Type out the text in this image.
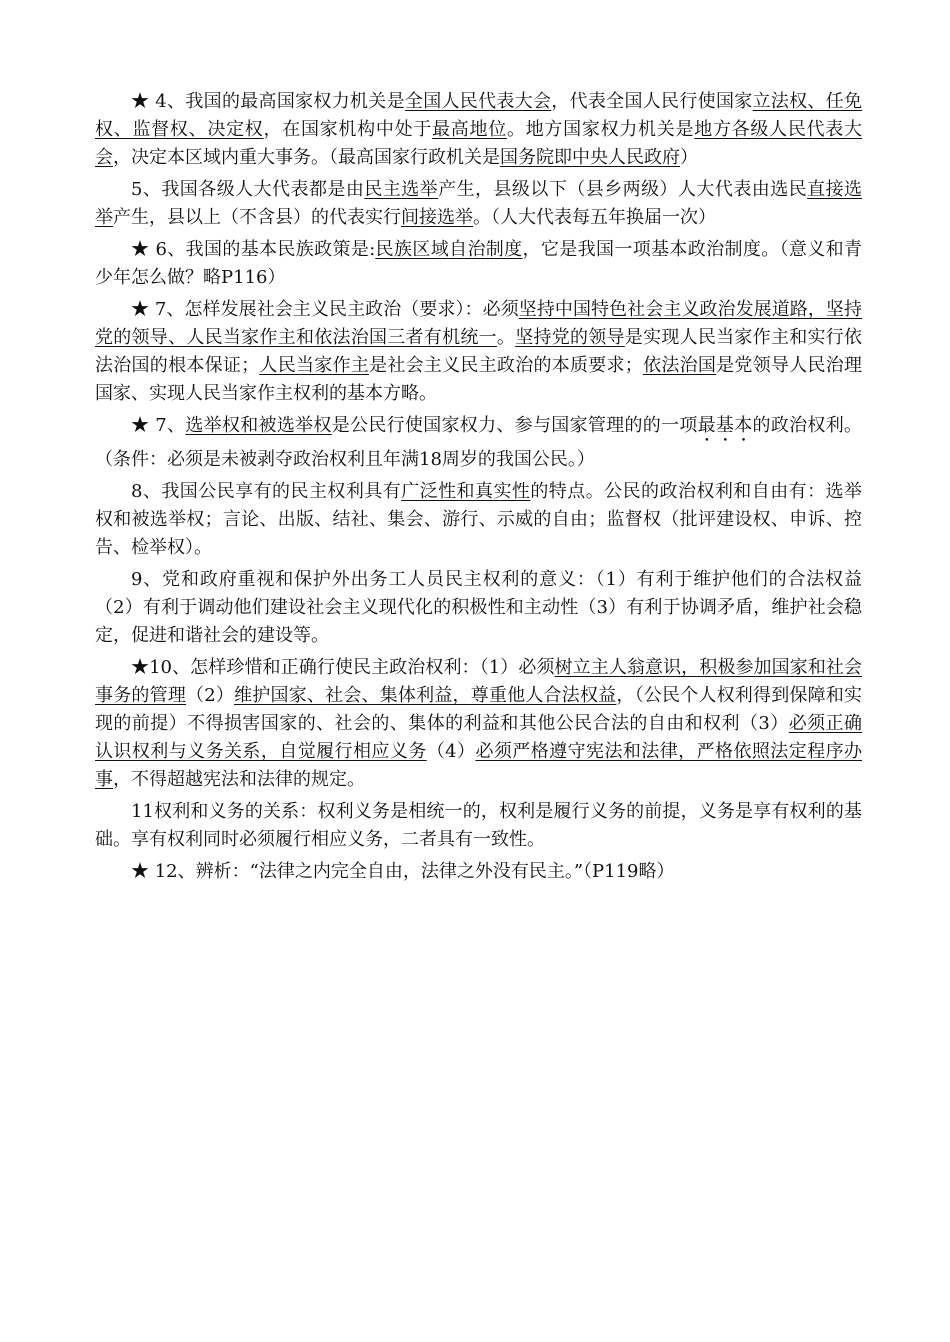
★ 4、我国的最高国家权力机关是全国人民代表大会，代表全国人民行使国家立法权、任免权、监督权、决定权，在国家机构中处于最高地位。地方国家权力机关是地方各级人民代表大会，决定本区域内重大事务。（最高国家行政机关是国务院即中央人民政府）

5、我国各级人大代表都是由民主选举产生，县级以下（县乡两级）人大代表由选民直接选举产生，县以上（不含县）的代表实行间接选举。（人大代表每五年换届一次）

★ 6、我国的基本民族政策是:民族区域自治制度，它是我国一项基本政治制度。（意义和青少年怎么做？略P116）

★ 7、怎样发展社会主义民主政治（要求）：必须坚持中国特色社会主义政治发展道路，坚持党的领导、人民当家作主和依法治国三者有机统一。坚持党的领导是实现人民当家作主和实行依法治国的根本保证；人民当家作主是社会主义民主政治的本质要求；依法治国是党领导人民治理国家、实现人民当家作主权利的基本方略。

★ 7、选举权和被选举权是公民行使国家权力、参与国家管理的的一项最基本的政治权利。（条件：必须是未被剥夺政治权利且年满18周岁的我国公民。）

8、我国公民享有的民主权利具有广泛性和真实性的特点。公民的政治权利和自由有：选举权和被选举权；言论、出版、结社、集会、游行、示威的自由；监督权（批评建设权、申诉、控告、检举权）。

9、党和政府重视和保护外出务工人员民主权利的意义：（1）有利于维护他们的合法权益（2）有利于调动他们建设社会主义现代化的积极性和主动性（3）有利于协调矛盾，维护社会稳定，促进和谐社会的建设等。

★10、怎样珍惜和正确行使民主政治权利：（1）必须树立主人翁意识，积极参加国家和社会事务的管理（2）维护国家、社会、集体利益，尊重他人合法权益，（公民个人权利得到保障和实现的前提）不得损害国家的、社会的、集体的利益和其他公民合法的自由和权利（3）必须正确认识权利与义务关系，自觉履行相应义务（4）必须严格遵守宪法和法律，严格依照法定程序办事，不得超越宪法和法律的规定。

11权利和义务的关系：权利义务是相统一的，权利是履行义务的前提，义务是享有权利的基础。享有权利同时必须履行相应义务，二者具有一致性。

★ 12、辨析：“法律之内完全自由，法律之外没有民主。”（P119略）
